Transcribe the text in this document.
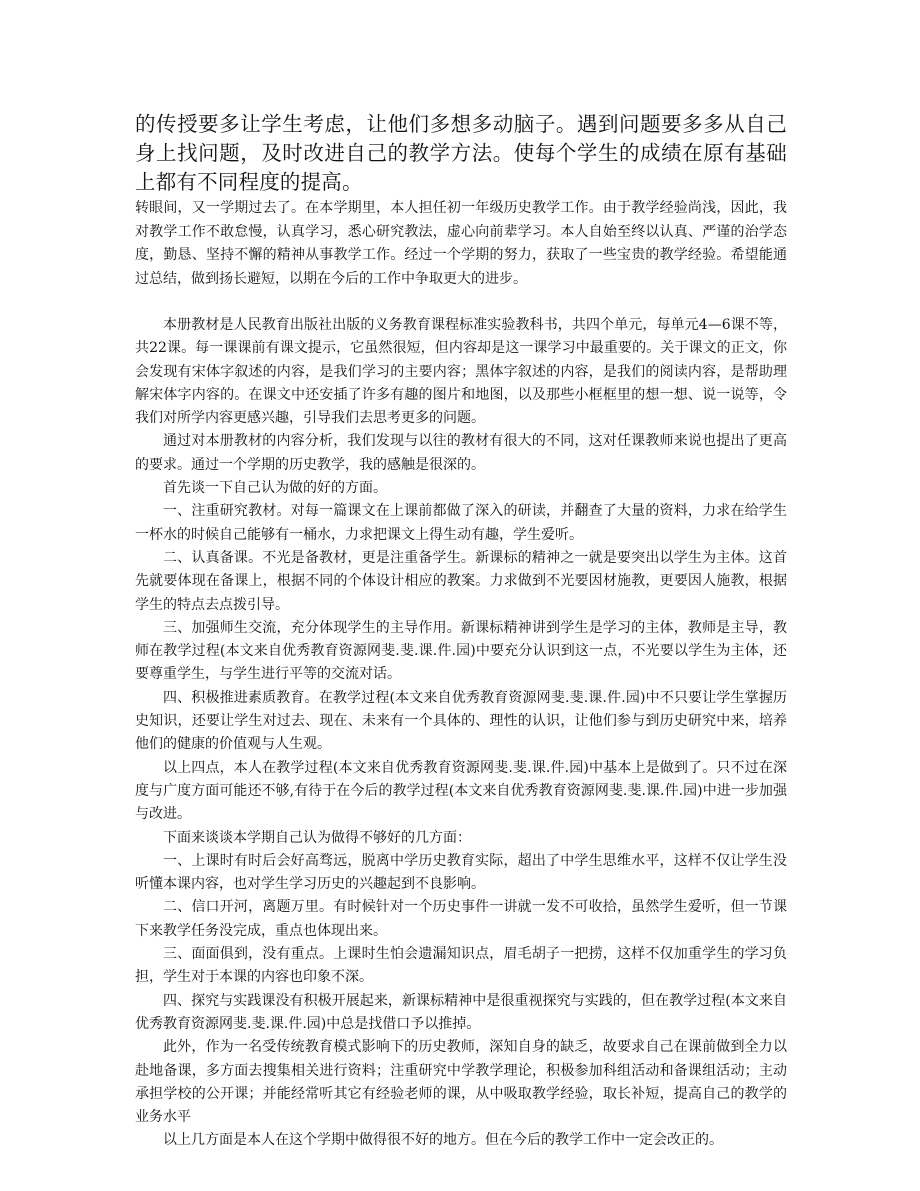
的传授要多让学生考虑，让他们多想多动脑子。遇到问题要多多从自己身上找问题，及时改进自己的教学方法。使每个学生的成绩在原有基础上都有不同程度的提高。

转眼间，又一学期过去了。在本学期里，本人担任初一年级历史教学工作。由于教学经验尚浅，因此，我对教学工作不敢怠慢，认真学习，悉心研究教法，虚心向前辈学习。本人自始至终以认真、严谨的治学态度，勤恳、坚持不懈的精神从事教学工作。经过一个学期的努力，获取了一些宝贵的教学经验。希望能通过总结，做到扬长避短，以期在今后的工作中争取更大的进步。

本册教材是人民教育出版社出版的义务教育课程标准实验教科书，共四个单元，每单元4—6课不等，共22课。每一课课前有课文提示，它虽然很短，但内容却是这一课学习中最重要的。关于课文的正文，你会发现有宋体字叙述的内容，是我们学习的主要内容；黑体字叙述的内容，是我们的阅读内容，是帮助理解宋体字内容的。在课文中还安插了许多有趣的图片和地图，以及那些小框框里的想一想、说一说等，令我们对所学内容更感兴趣，引导我们去思考更多的问题。

通过对本册教材的内容分析，我们发现与以往的教材有很大的不同，这对任课教师来说也提出了更高的要求。通过一个学期的历史教学，我的感触是很深的。

首先谈一下自己认为做的好的方面。

一、注重研究教材。对每一篇课文在上课前都做了深入的研读，并翻查了大量的资料，力求在给学生一杯水的时候自己能够有一桶水，力求把课文上得生动有趣，学生爱听。

二、认真备课。不光是备教材，更是注重备学生。新课标的精神之一就是要突出以学生为主体。这首先就要体现在备课上，根据不同的个体设计相应的教案。力求做到不光要因材施教，更要因人施教，根据学生的特点去点拨引导。

三、加强师生交流，充分体现学生的主导作用。新课标精神讲到学生是学习的主体，教师是主导，教师在教学过程(本文来自优秀教育资源网斐.斐.课.件.园)中要充分认识到这一点，不光要以学生为主体，还要尊重学生，与学生进行平等的交流对话。

四、积极推进素质教育。在教学过程(本文来自优秀教育资源网斐.斐.课.件.园)中不只要让学生掌握历史知识，还要让学生对过去、现在、未来有一个具体的、理性的认识，让他们参与到历史研究中来，培养他们的健康的价值观与人生观。

以上四点，本人在教学过程(本文来自优秀教育资源网斐.斐.课.件.园)中基本上是做到了。只不过在深度与广度方面可能还不够,有待于在今后的教学过程(本文来自优秀教育资源网斐.斐.课.件.园)中进一步加强与改进。

下面来谈谈本学期自己认为做得不够好的几方面：

一、上课时有时后会好高骛远，脱离中学历史教育实际，超出了中学生思维水平，这样不仅让学生没听懂本课内容，也对学生学习历史的兴趣起到不良影响。

二、信口开河，离题万里。有时候针对一个历史事件一讲就一发不可收拾，虽然学生爱听，但一节课下来教学任务没完成，重点也体现出来。

三、面面俱到，没有重点。上课时生怕会遗漏知识点，眉毛胡子一把捞，这样不仅加重学生的学习负担，学生对于本课的内容也印象不深。

四、探究与实践课没有积极开展起来，新课标精神中是很重视探究与实践的，但在教学过程(本文来自优秀教育资源网斐.斐.课.件.园)中总是找借口予以推掉。

此外，作为一名受传统教育模式影响下的历史教师，深知自身的缺乏，故要求自己在课前做到全力以赴地备课，多方面去搜集相关进行资料；注重研究中学教学理论，积极参加科组活动和备课组活动；主动承担学校的公开课；并能经常听其它有经验老师的课，从中吸取教学经验，取长补短，提高自己的教学的业务水平

以上几方面是本人在这个学期中做得很不好的地方。但在今后的教学工作中一定会改正的。
